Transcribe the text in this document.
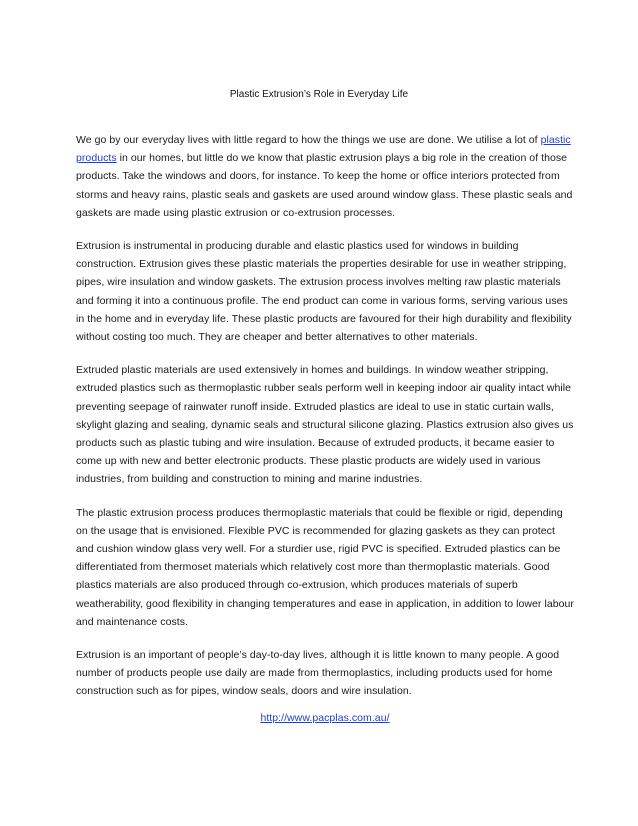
Plastic Extrusion’s Role in Everyday Life

We go by our everyday lives with little regard to how the things we use are done. We utilise a lot of plastic products in our homes, but little do we know that plastic extrusion plays a big role in the creation of those products. Take the windows and doors, for instance. To keep the home or office interiors protected from storms and heavy rains, plastic seals and gaskets are used around window glass. These plastic seals and gaskets are made using plastic extrusion or co-extrusion processes.

Extrusion is instrumental in producing durable and elastic plastics used for windows in building construction. Extrusion gives these plastic materials the properties desirable for use in weather stripping, pipes, wire insulation and window gaskets. The extrusion process involves melting raw plastic materials and forming it into a continuous profile. The end product can come in various forms, serving various uses in the home and in everyday life. These plastic products are favoured for their high durability and flexibility without costing too much. They are cheaper and better alternatives to other materials.

Extruded plastic materials are used extensively in homes and buildings. In window weather stripping, extruded plastics such as thermoplastic rubber seals perform well in keeping indoor air quality intact while preventing seepage of rainwater runoff inside. Extruded plastics are ideal to use in static curtain walls, skylight glazing and sealing, dynamic seals and structural silicone glazing. Plastics extrusion also gives us products such as plastic tubing and wire insulation. Because of extruded products, it became easier to come up with new and better electronic products. These plastic products are widely used in various industries, from building and construction to mining and marine industries.

The plastic extrusion process produces thermoplastic materials that could be flexible or rigid, depending on the usage that is envisioned. Flexible PVC is recommended for glazing gaskets as they can protect and cushion window glass very well. For a sturdier use, rigid PVC is specified. Extruded plastics can be differentiated from thermoset materials which relatively cost more than thermoplastic materials. Good plastics materials are also produced through co-extrusion, which produces materials of superb weatherability, good flexibility in changing temperatures and ease in application, in addition to lower labour and maintenance costs.

Extrusion is an important of people’s day-to-day lives, although it is little known to many people. A good number of products people use daily are made from thermoplastics, including products used for home construction such as for pipes, window seals, doors and wire insulation.

http://www.pacplas.com.au/
